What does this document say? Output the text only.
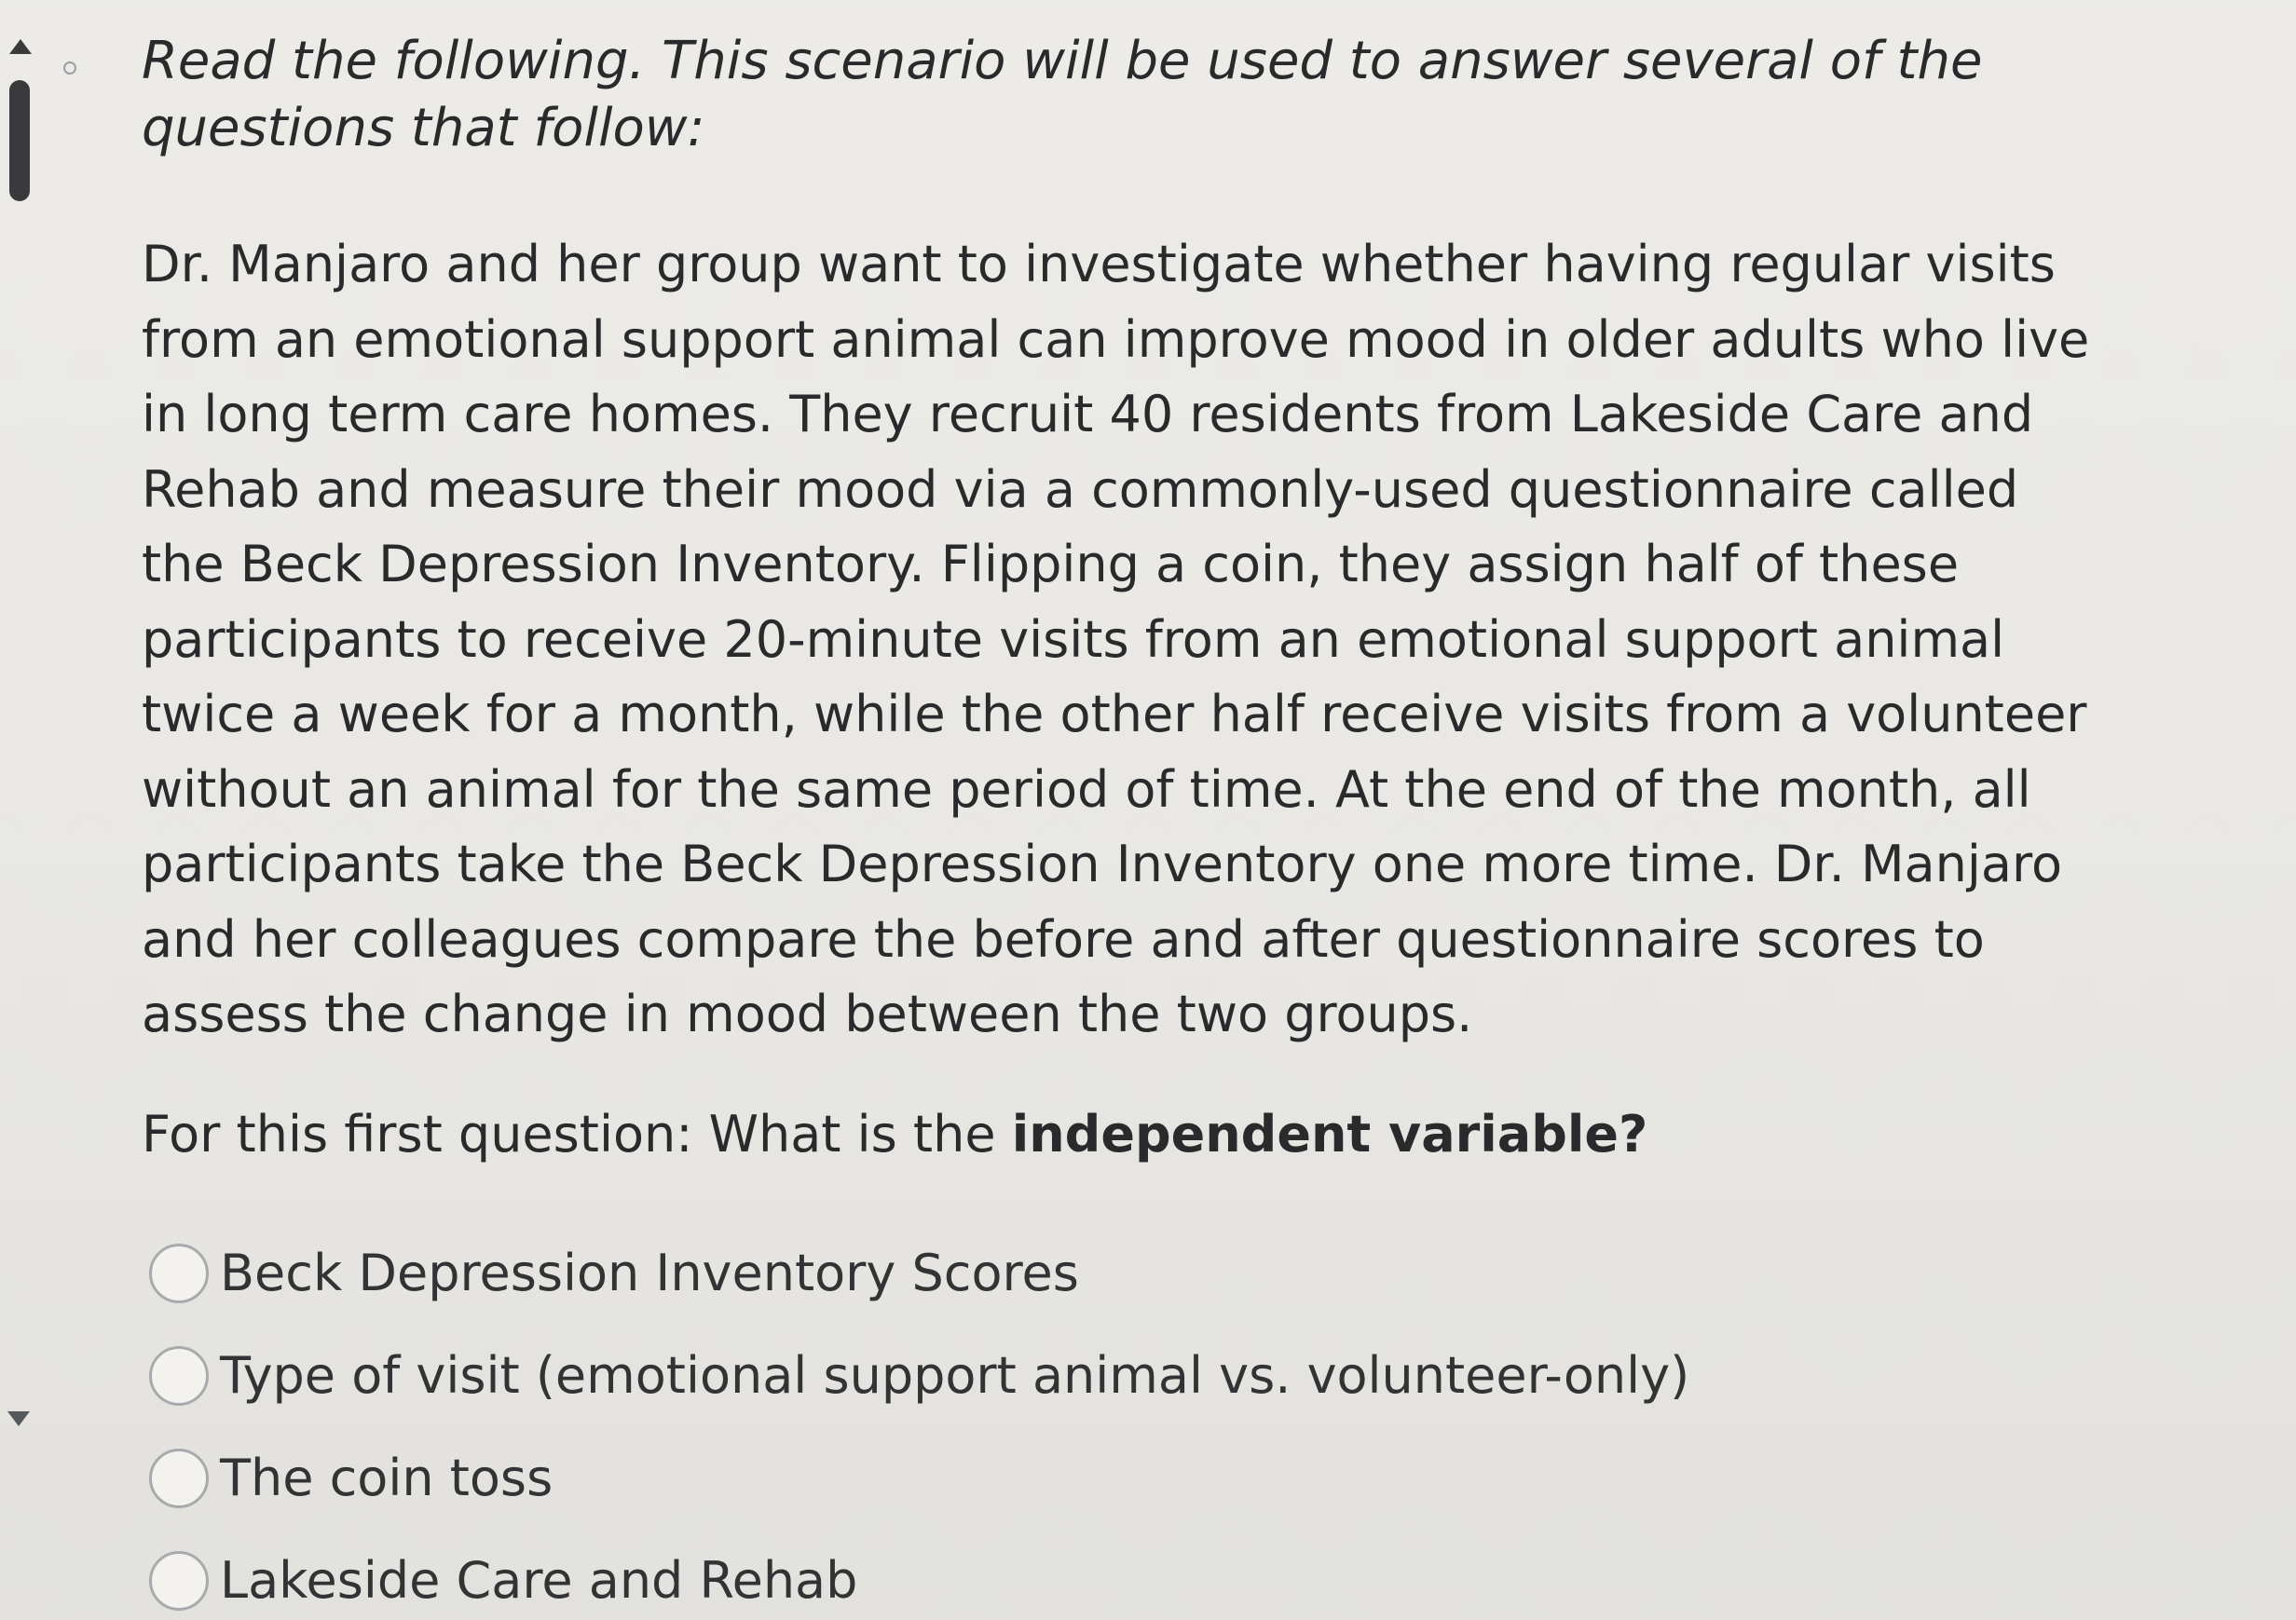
Read the following. This scenario will be used to answer several of the questions that follow:

Dr. Manjaro and her group want to investigate whether having regular visits from an emotional support animal can improve mood in older adults who live in long term care homes. They recruit 40 residents from Lakeside Care and Rehab and measure their mood via a commonly-used questionnaire called the Beck Depression Inventory. Flipping a coin, they assign half of these participants to receive 20-minute visits from an emotional support animal twice a week for a month, while the other half receive visits from a volunteer without an animal for the same period of time. At the end of the month, all participants take the Beck Depression Inventory one more time. Dr. Manjaro and her colleagues compare the before and after questionnaire scores to assess the change in mood between the two groups.

For this first question: What is the independent variable?

Beck Depression Inventory Scores
Type of visit (emotional support animal vs. volunteer-only)
The coin toss
Lakeside Care and Rehab
